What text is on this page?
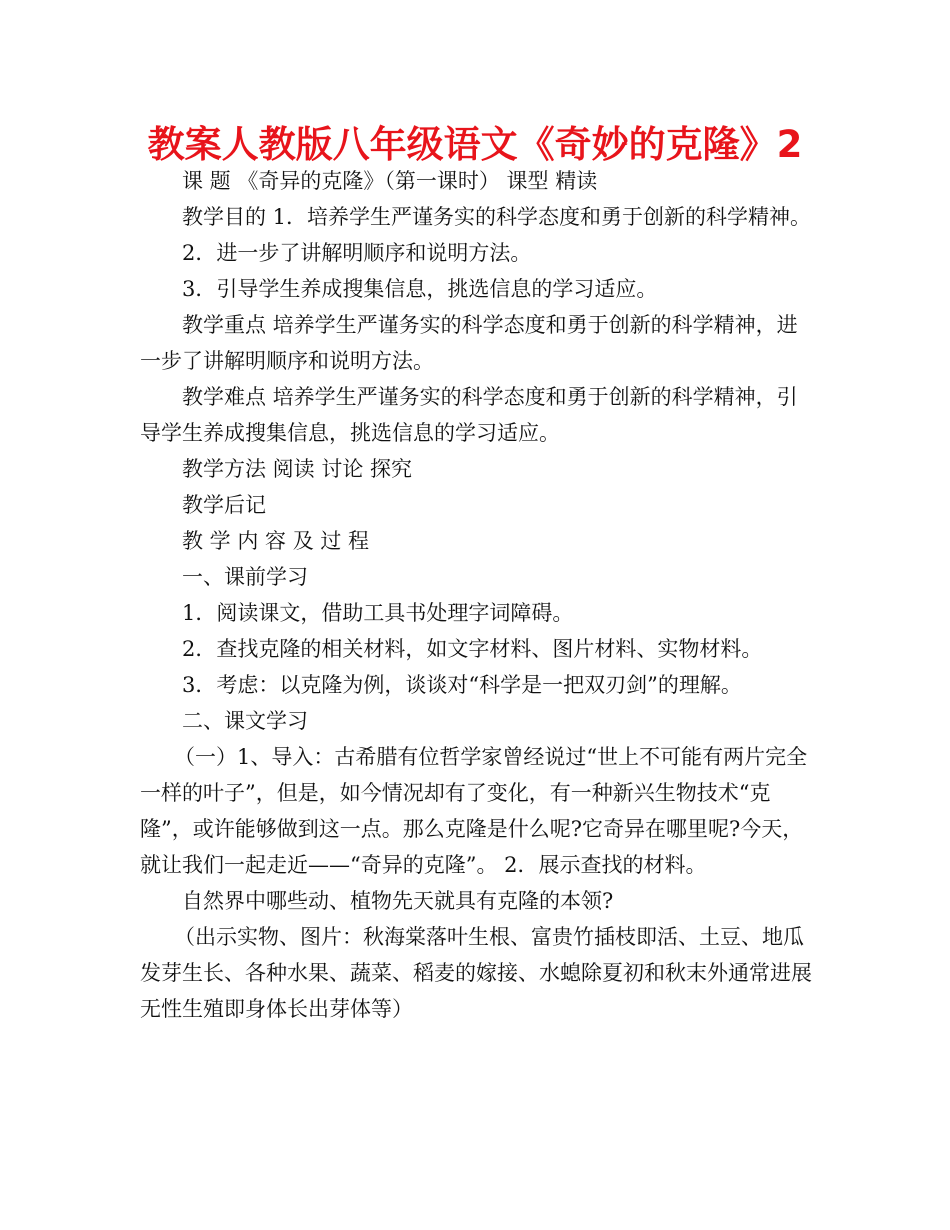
教案人教版八年级语文《奇妙的克隆》2

课 题 《奇异的克隆》（第一课时） 课型 精读

教学目的 1．培养学生严谨务实的科学态度和勇于创新的科学精神。

2．进一步了讲解明顺序和说明方法。

3．引导学生养成搜集信息，挑选信息的学习适应。

教学重点 培养学生严谨务实的科学态度和勇于创新的科学精神，进一步了讲解明顺序和说明方法。

教学难点 培养学生严谨务实的科学态度和勇于创新的科学精神，引导学生养成搜集信息，挑选信息的学习适应。

教学方法 阅读 讨论 探究

教学后记

教 学 内 容 及 过 程

一、课前学习

1．阅读课文，借助工具书处理字词障碍。

2．查找克隆的相关材料，如文字材料、图片材料、实物材料。

3．考虑：以克隆为例，谈谈对“科学是一把双刃剑”的理解。

二、课文学习

（一）1、导入：古希腊有位哲学家曾经说过“世上不可能有两片完全一样的叶子”，但是，如今情况却有了变化，有一种新兴生物技术“克隆”，或许能够做到这一点。那么克隆是什么呢?它奇异在哪里呢?今天，就让我们一起走近——“奇异的克隆”。 2．展示查找的材料。

自然界中哪些动、植物先天就具有克隆的本领?

（出示实物、图片：秋海棠落叶生根、富贵竹插枝即活、土豆、地瓜发芽生长、各种水果、蔬菜、稻麦的嫁接、水螅除夏初和秋末外通常进展无性生殖即身体长出芽体等）
